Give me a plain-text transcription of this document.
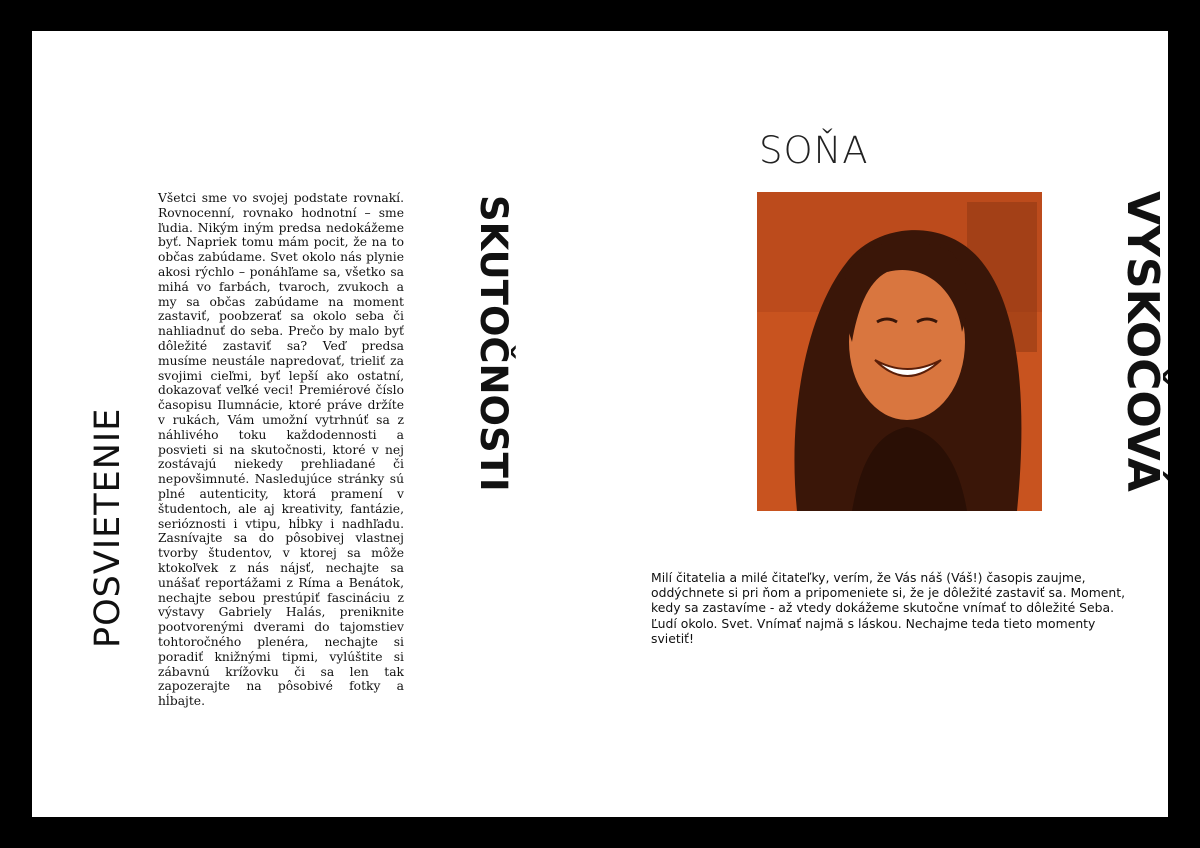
POSVIETENIE

Všetci sme vo svojej podstate rovnakí. Rovnocenní, rovnako hodnotní – sme ľudia. Nikým iným predsa nedokážeme byť. Napriek tomu mám pocit, že na to občas zabúdame. Svet okolo nás plynie akosi rýchlo – ponáhľame sa, všetko sa mihá vo farbách, tvaroch, zvukoch a my sa občas zabúdame na moment zastaviť, poobzerať sa okolo seba či nahliadnuť do seba. Prečo by malo byť dôležité zastaviť sa? Veď predsa musíme neustále napredovať, trieliť za svojimi cieľmi, byť lepší ako ostatní, dokazovať veľké veci! Premiérové číslo časopisu Ilumnácie, ktoré práve držíte v rukách, Vám umožní vytrhnúť sa z náhlivého toku každodennosti a posvieti si na skutočnosti, ktoré v nej zostávajú niekedy prehliadané či nepovšimnuté. Nasledujúce stránky sú plné autenticity, ktorá pramení v študentoch, ale aj kreativity, fantázie, serióznosti i vtipu, hĺbky i nadhľadu. Zasnívajte sa do pôsobivej vlastnej tvorby študentov, v ktorej sa môže ktokoľvek z nás nájsť, nechajte sa unášať reportážami z Ríma a Benátok, nechajte sebou prestúpiť fascináciu z výstavy Gabriely Halás, preniknite pootvorenými dverami do tajomstiev tohtoročného plenéra, nechajte si poradiť knižnými tipmi, vylúštite si zábavnú krížovku či sa len tak zapozerajte na pôsobivé fotky a hĺbajte.

SKUTOČNOSTI
SOŇA
VYSKOČOVÁ

Milí čitatelia a milé čitateľky, verím, že Vás náš (Váš!) časopis zaujme, oddýchnete si pri ňom a pripomeniete si, že je dôležité zastaviť sa. Moment, kedy sa zastavíme - až vtedy dokážeme skutočne vnímať to dôležité Seba. Ľudí okolo. Svet. Vnímať najmä s láskou. Nechajme teda tieto momenty svietiť!
